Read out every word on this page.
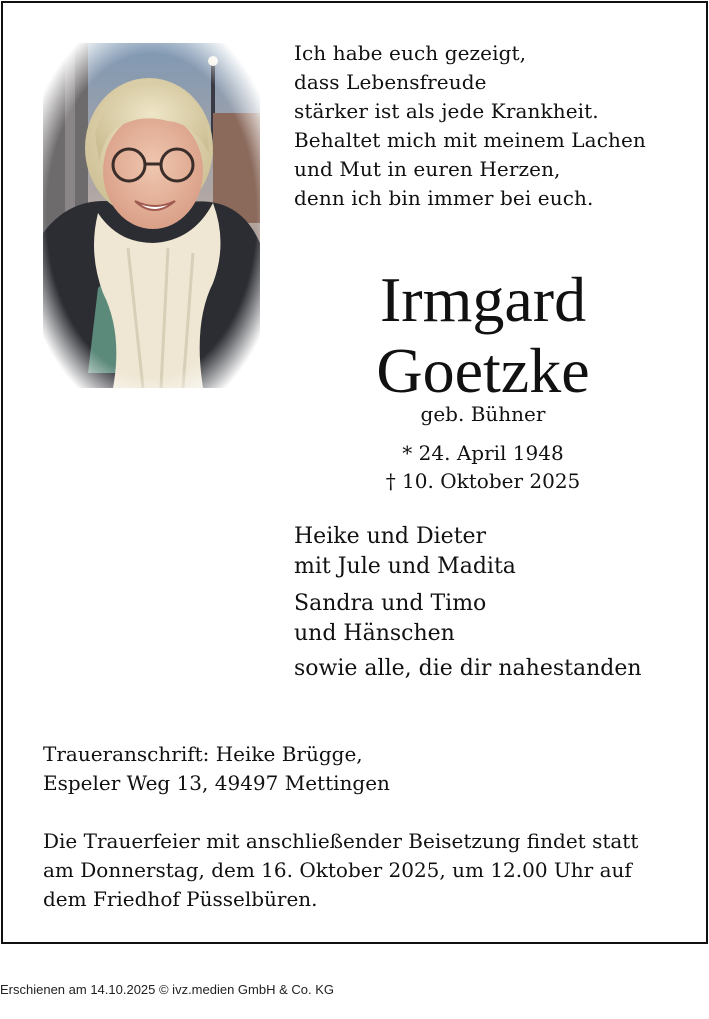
Ich habe euch gezeigt,
dass Lebensfreude
stärker ist als jede Krankheit.
Behaltet mich mit meinem Lachen
und Mut in euren Herzen,
denn ich bin immer bei euch.
Irmgard
Goetzke
geb. Bühner
* 24. April 1948
† 10. Oktober 2025
Heike und Dieter
mit Jule und Madita
Sandra und Timo
und Hänschen
sowie alle, die dir nahestanden
Traueranschrift: Heike Brügge,
Espeler Weg 13, 49497 Mettingen
Die Trauerfeier mit anschließender Beisetzung findet statt
am Donnerstag, dem 16. Oktober 2025, um 12.00 Uhr auf
dem Friedhof Püsselbüren.
Erschienen am 14.10.2025 © ivz.medien GmbH & Co. KG
